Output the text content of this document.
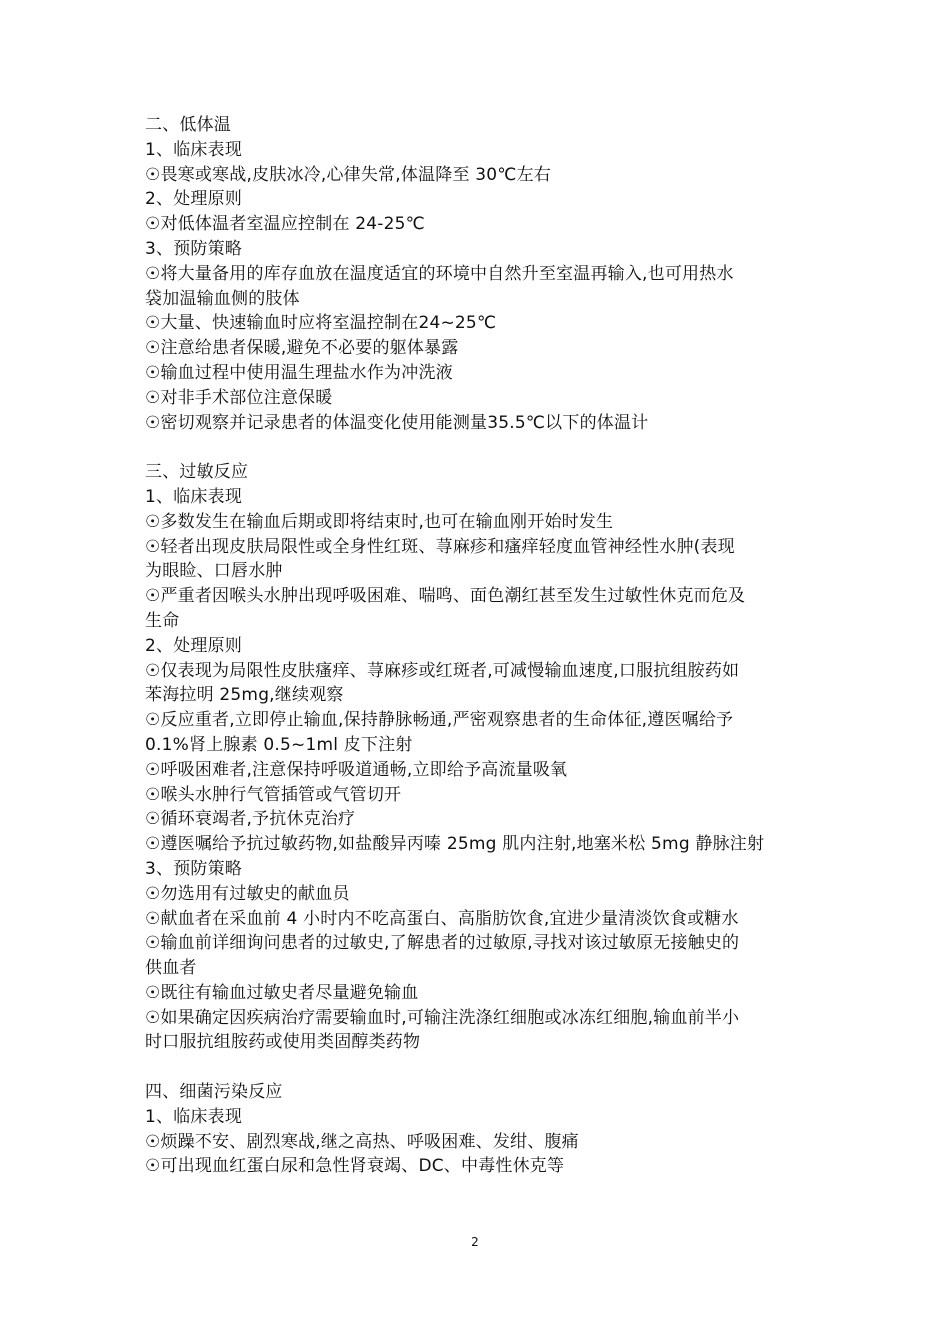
二、低体温
1、临床表现
☉畏寒或寒战,皮肤冰冷,心律失常,体温降至 30℃左右
2、处理原则
☉对低体温者室温应控制在 24-25℃
3、预防策略
☉将大量备用的库存血放在温度适宜的环境中自然升至室温再输入,也可用热水
袋加温输血侧的肢体
☉大量、快速输血时应将室温控制在24~25℃
☉注意给患者保暖,避免不必要的躯体暴露
☉输血过程中使用温生理盐水作为冲洗液
☉对非手术部位注意保暖
☉密切观察并记录患者的体温变化使用能测量35.5℃以下的体温计
三、过敏反应
1、临床表现
☉多数发生在输血后期或即将结束时,也可在输血刚开始时发生
☉轻者出现皮肤局限性或全身性红斑、荨麻疹和瘙痒轻度血管神经性水肿(表现
为眼睑、口唇水肿
☉严重者因喉头水肿出现呼吸困难、喘鸣、面色潮红甚至发生过敏性休克而危及
生命
2、处理原则
☉仅表现为局限性皮肤瘙痒、荨麻疹或红斑者,可减慢输血速度,口服抗组胺药如
苯海拉明 25mg,继续观察
☉反应重者,立即停止输血,保持静脉畅通,严密观察患者的生命体征,遵医嘱给予
0.1%肾上腺素 0.5~1ml 皮下注射
☉呼吸困难者,注意保持呼吸道通畅,立即给予高流量吸氧
☉喉头水肿行气管插管或气管切开
☉循环衰竭者,予抗休克治疗
☉遵医嘱给予抗过敏药物,如盐酸异丙嗪 25mg 肌内注射,地塞米松 5mg 静脉注射
3、预防策略
☉勿选用有过敏史的献血员
☉献血者在采血前 4 小时内不吃高蛋白、高脂肪饮食,宜进少量清淡饮食或糖水
☉输血前详细询问患者的过敏史,了解患者的过敏原,寻找对该过敏原无接触史的
供血者
☉既往有输血过敏史者尽量避免输血
☉如果确定因疾病治疗需要输血时,可输注洗涤红细胞或冰冻红细胞,输血前半小
时口服抗组胺药或使用类固醇类药物
四、细菌污染反应
1、临床表现
☉烦躁不安、剧烈寒战,继之高热、呼吸困难、发绀、腹痛
☉可出现血红蛋白尿和急性肾衰竭、DC、中毒性休克等
2
